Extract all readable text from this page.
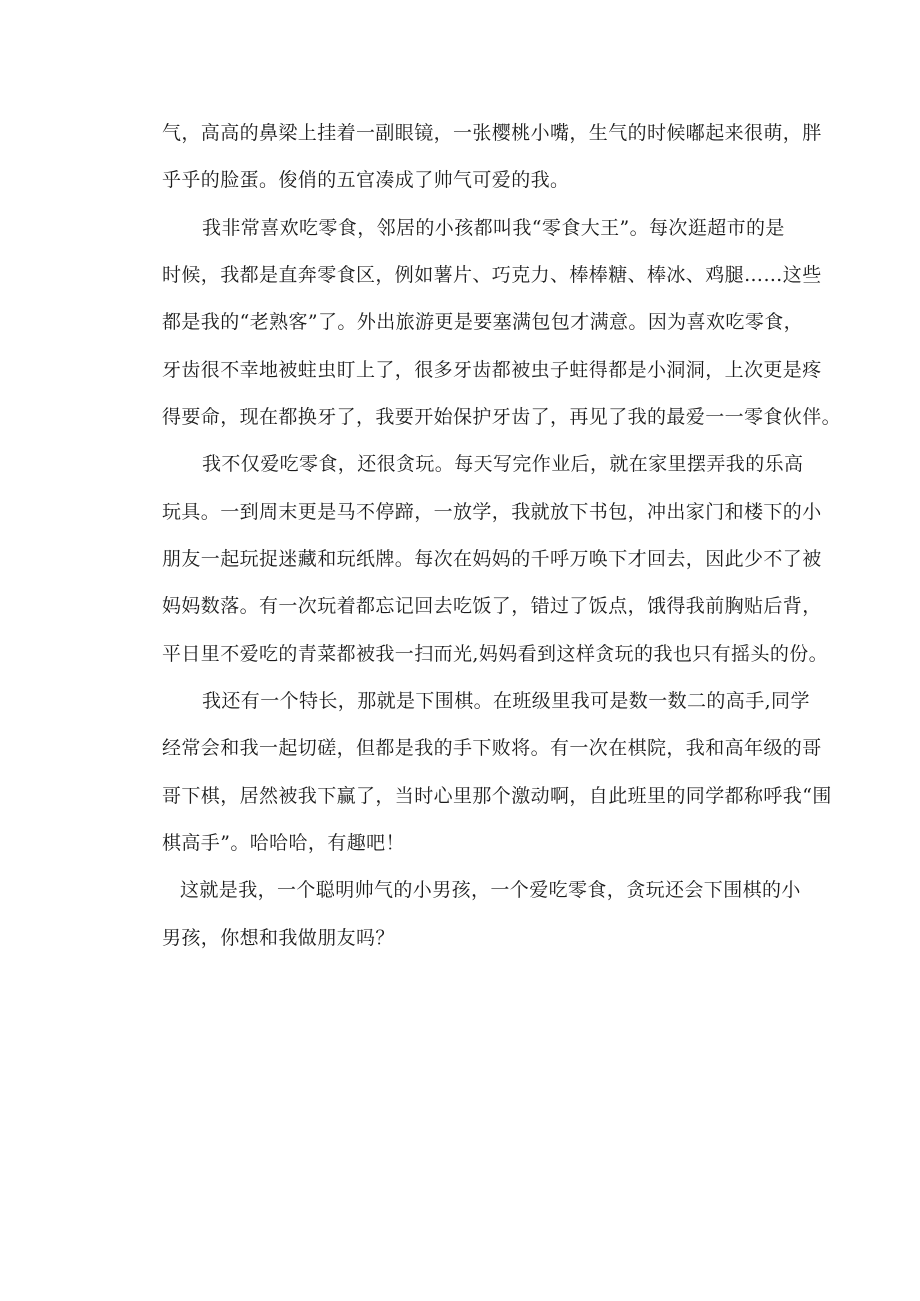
气，高高的鼻梁上挂着一副眼镜，一张樱桃小嘴，生气的时候嘟起来很萌，胖
乎乎的脸蛋。俊俏的五官凑成了帅气可爱的我。
我非常喜欢吃零食，邻居的小孩都叫我“零食大王”。每次逛超市的是
时候，我都是直奔零食区，例如薯片、巧克力、棒棒糖、棒冰、鸡腿……这些
都是我的“老熟客”了。外出旅游更是要塞满包包才满意。因为喜欢吃零食，
牙齿很不幸地被蛀虫盯上了，很多牙齿都被虫子蛀得都是小洞洞，上次更是疼
得要命，现在都换牙了，我要开始保护牙齿了，再见了我的最爱一一零食伙伴。
我不仅爱吃零食，还很贪玩。每天写完作业后，就在家里摆弄我的乐高
玩具。一到周末更是马不停蹄，一放学，我就放下书包，冲出家门和楼下的小
朋友一起玩捉迷藏和玩纸牌。每次在妈妈的千呼万唤下才回去，因此少不了被
妈妈数落。有一次玩着都忘记回去吃饭了，错过了饭点，饿得我前胸贴后背，
平日里不爱吃的青菜都被我一扫而光,妈妈看到这样贪玩的我也只有摇头的份。
我还有一个特长，那就是下围棋。在班级里我可是数一数二的高手,同学
经常会和我一起切磋，但都是我的手下败将。有一次在棋院，我和高年级的哥
哥下棋，居然被我下赢了，当时心里那个激动啊，自此班里的同学都称呼我“围
棋高手”。哈哈哈，有趣吧！
这就是我，一个聪明帅气的小男孩，一个爱吃零食，贪玩还会下围棋的小
男孩，你想和我做朋友吗？
